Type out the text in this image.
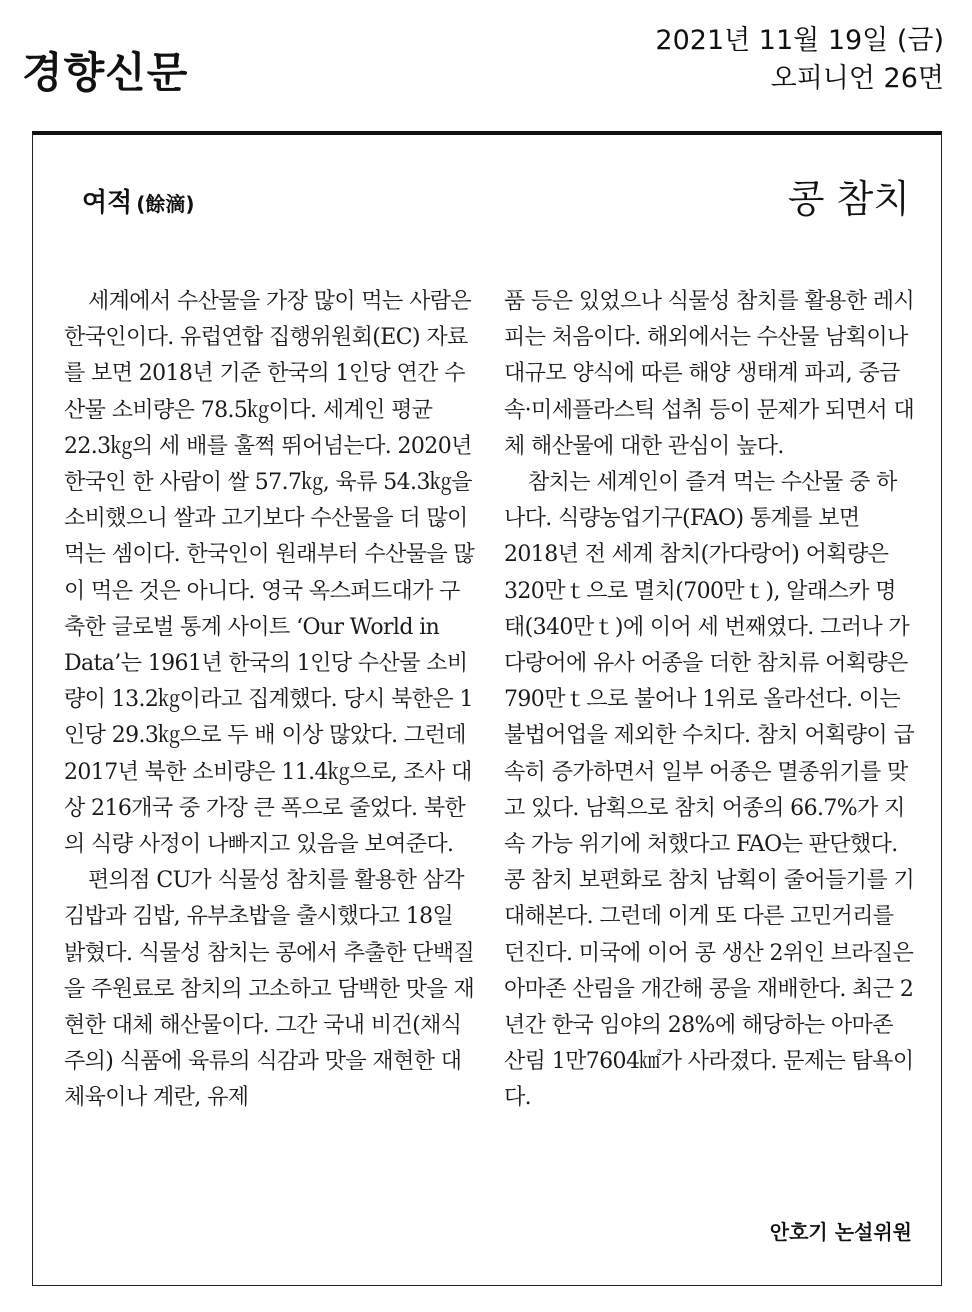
경향신문
2021년 11월 19일 (금)
오피니언 26면
여적 (餘滴)	콩 참치

세계에서 수산물을 가장 많이 먹는 사람은 한국인이다. 유럽연합 집행위원회(EC) 자료를 보면 2018년 기준 한국의 1인당 연간 수산물 소비량은 78.5㎏이다. 세계인 평균 22.3㎏의 세 배를 훌쩍 뛰어넘는다. 2020년 한국인 한 사람이 쌀 57.7㎏, 육류 54.3㎏을 소비했으니 쌀과 고기보다 수산물을 더 많이 먹는 셈이다. 한국인이 원래부터 수산물을 많이 먹은 것은 아니다. 영국 옥스퍼드대가 구축한 글로벌 통계 사이트 ‘Our World in Data’는 1961년 한국의 1인당 수산물 소비량이 13.2㎏이라고 집계했다. 당시 북한은 1인당 29.3㎏으로 두 배 이상 많았다. 그런데 2017년 북한 소비량은 11.4㎏으로, 조사 대상 216개국 중 가장 큰 폭으로 줄었다. 북한의 식량 사정이 나빠지고 있음을 보여준다.

편의점 CU가 식물성 참치를 활용한 삼각김밥과 김밥, 유부초밥을 출시했다고 18일 밝혔다. 식물성 참치는 콩에서 추출한 단백질을 주원료로 참치의 고소하고 담백한 맛을 재현한 대체 해산물이다. 그간 국내 비건(채식주의) 식품에 육류의 식감과 맛을 재현한 대체육이나 계란, 유제

품 등은 있었으나 식물성 참치를 활용한 레시피는 처음이다. 해외에서는 수산물 남획이나 대규모 양식에 따른 해양 생태계 파괴, 중금속·미세플라스틱 섭취 등이 문제가 되면서 대체 해산물에 대한 관심이 높다.

참치는 세계인이 즐겨 먹는 수산물 중 하나다. 식량농업기구(FAO) 통계를 보면 2018년 전 세계 참치(가다랑어) 어획량은 320만ｔ으로 멸치(700만ｔ), 알래스카 명태(340만ｔ)에 이어 세 번째였다. 그러나 가다랑어에 유사 어종을 더한 참치류 어획량은 790만ｔ으로 불어나 1위로 올라선다. 이는 불법어업을 제외한 수치다. 참치 어획량이 급속히 증가하면서 일부 어종은 멸종위기를 맞고 있다. 남획으로 참치 어종의 66.7%가 지속 가능 위기에 처했다고 FAO는 판단했다. 콩 참치 보편화로 참치 남획이 줄어들기를 기대해본다. 그런데 이게 또 다른 고민거리를 던진다. 미국에 이어 콩 생산 2위인 브라질은 아마존 산림을 개간해 콩을 재배한다. 최근 2년간 한국 임야의 28%에 해당하는 아마존 산림 1만7604㎢가 사라졌다. 문제는 탐욕이다.

안호기 논설위원
